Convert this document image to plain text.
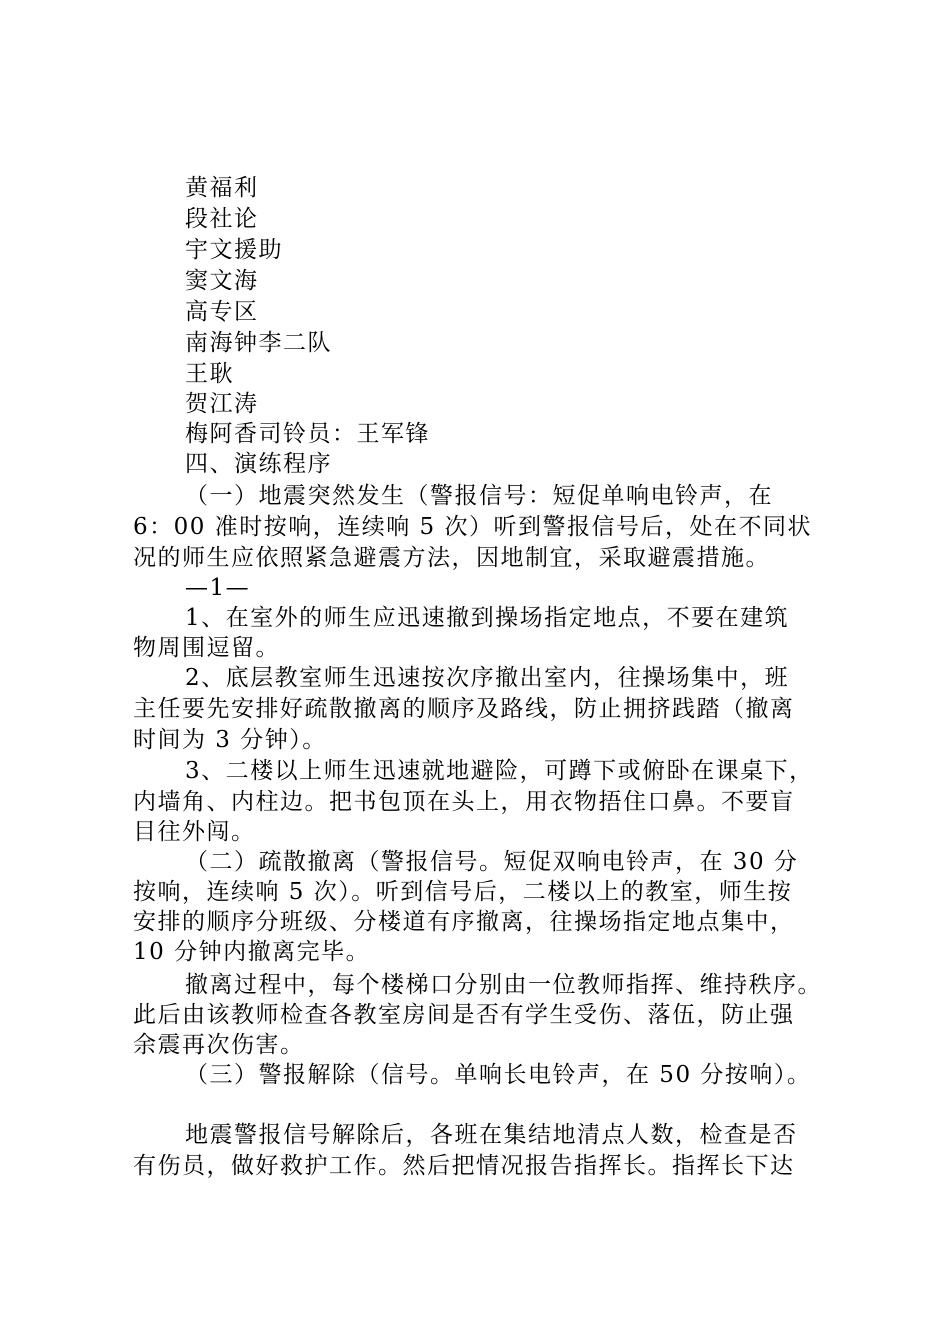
黄福利
段社论
宇文援助
窦文海
高专区
南海钟李二队
王耿
贺江涛
梅阿香司铃员：王军锋
四、演练程序
（一）地震突然发生（警报信号：短促单响电铃声，在
6：00 准时按响，连续响 5 次）听到警报信号后，处在不同状
况的师生应依照紧急避震方法，因地制宜，采取避震措施。
—1—
1、在室外的师生应迅速撤到操场指定地点，不要在建筑
物周围逗留。
2、底层教室师生迅速按次序撤出室内，往操场集中，班
主任要先安排好疏散撤离的顺序及路线，防止拥挤践踏（撤离
时间为 3 分钟）。
3、二楼以上师生迅速就地避险，可蹲下或俯卧在课桌下，
内墙角、内柱边。把书包顶在头上，用衣物捂住口鼻。不要盲
目往外闯。
（二）疏散撤离（警报信号。短促双响电铃声，在 30 分
按响，连续响 5 次）。听到信号后，二楼以上的教室，师生按
安排的顺序分班级、分楼道有序撤离，往操场指定地点集中，
10 分钟内撤离完毕。
撤离过程中，每个楼梯口分别由一位教师指挥、维持秩序。
此后由该教师检查各教室房间是否有学生受伤、落伍，防止强
余震再次伤害。
（三）警报解除（信号。单响长电铃声，在 50 分按响）。
地震警报信号解除后，各班在集结地清点人数，检查是否
有伤员，做好救护工作。然后把情况报告指挥长。指挥长下达
